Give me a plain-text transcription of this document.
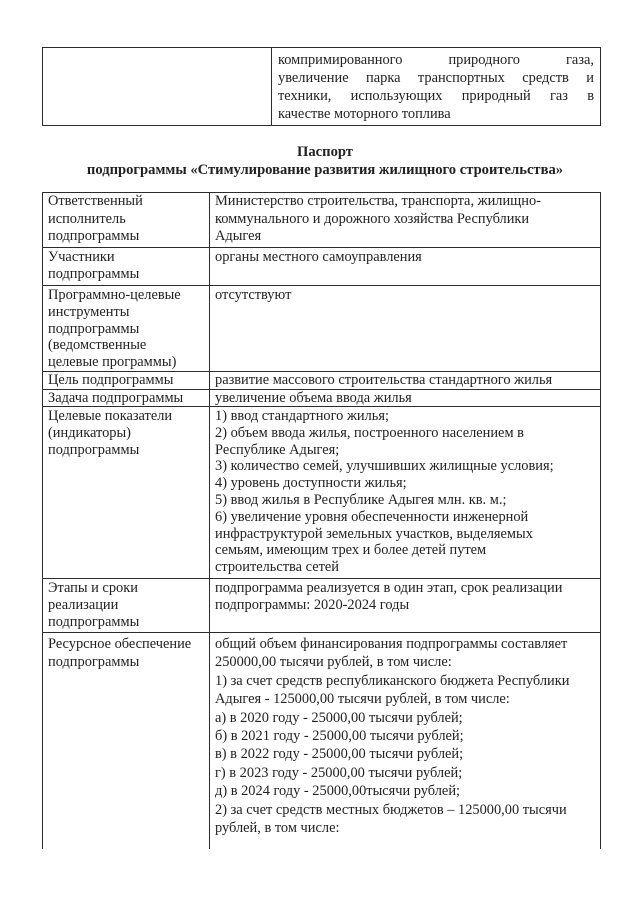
компримированного природного газа,
увеличение парка транспортных средств и
техники, использующих природный газ в
качестве моторного топлива
Паспорт
подпрограммы «Стимулирование развития жилищного строительства»
Ответственный
исполнитель
подпрограммы
Министерство строительства, транспорта, жилищно-
коммунального и дорожного хозяйства Республики
Адыгея
Участники
подпрограммы
органы местного самоуправления
Программно-целевые
инструменты
подпрограммы
(ведомственные
целевые программы)
отсутствуют
Цель подпрограммы	развитие массового строительства стандартного жилья
Задача подпрограммы	увеличение объема ввода жилья
Целевые показатели
(индикаторы)
подпрограммы
1) ввод стандартного жилья;
2) объем ввода жилья, построенного населением в
Республике Адыгея;
3) количество семей, улучшивших жилищные условия;
4) уровень доступности жилья;
5) ввод жилья в Республике Адыгея млн. кв. м.;
6) увеличение уровня обеспеченности инженерной
инфраструктурой земельных участков, выделяемых
семьям, имеющим трех и более детей путем
строительства сетей
Этапы и сроки
реализации
подпрограммы
подпрограмма реализуется в один этап, срок реализации
подпрограммы: 2020-2024 годы
Ресурсное обеспечение
подпрограммы
общий объем финансирования подпрограммы составляет
250000,00 тысячи рублей, в том числе:
1) за счет средств республиканского бюджета Республики
Адыгея - 125000,00 тысячи рублей, в том числе:
а) в 2020 году - 25000,00 тысячи рублей;
б) в 2021 году - 25000,00 тысячи рублей;
в) в 2022 году - 25000,00 тысячи рублей;
г) в 2023 году - 25000,00 тысячи рублей;
д) в 2024 году - 25000,00тысячи рублей;
2) за счет средств местных бюджетов – 125000,00 тысячи
рублей, в том числе:
